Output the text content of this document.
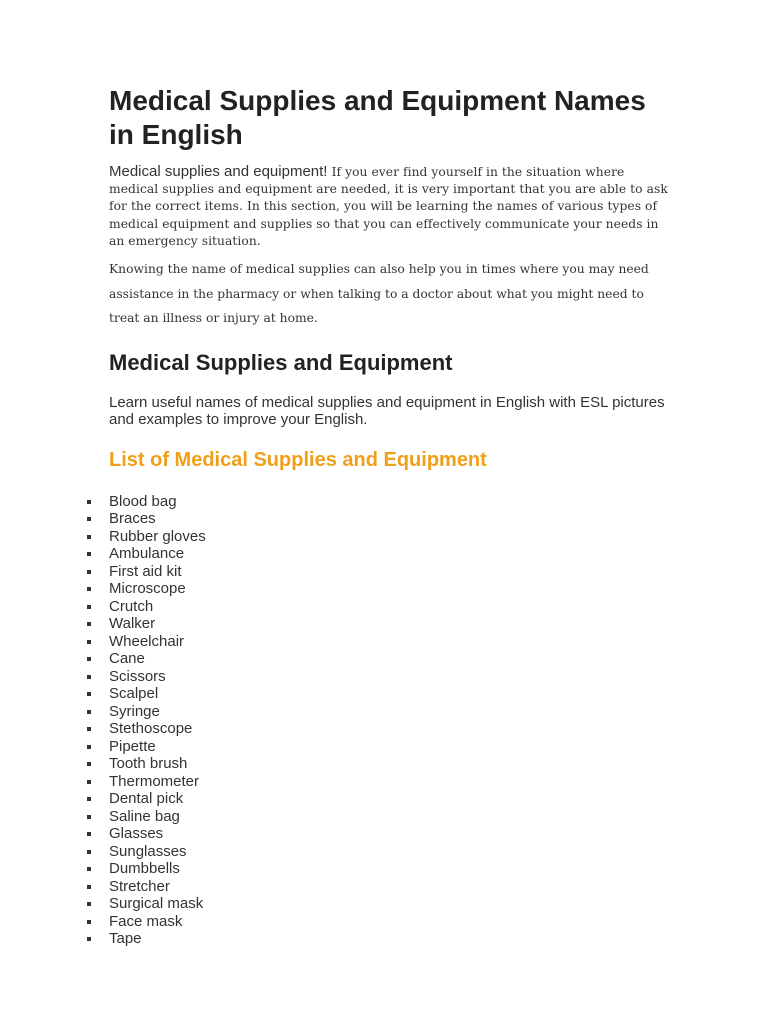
Medical Supplies and Equipment Names in English
Medical supplies and equipment! If you ever find yourself in the situation where medical supplies and equipment are needed, it is very important that you are able to ask for the correct items. In this section, you will be learning the names of various types of medical equipment and supplies so that you can effectively communicate your needs in an emergency situation.
Knowing the name of medical supplies can also help you in times where you may need assistance in the pharmacy or when talking to a doctor about what you might need to treat an illness or injury at home.
Medical Supplies and Equipment
Learn useful names of medical supplies and equipment in English with ESL pictures and examples to improve your English.
List of Medical Supplies and Equipment
Blood bag
Braces
Rubber gloves
Ambulance
First aid kit
Microscope
Crutch
Walker
Wheelchair
Cane
Scissors
Scalpel
Syringe
Stethoscope
Pipette
Tooth brush
Thermometer
Dental pick
Saline bag
Glasses
Sunglasses
Dumbbells
Stretcher
Surgical mask
Face mask
Tape
